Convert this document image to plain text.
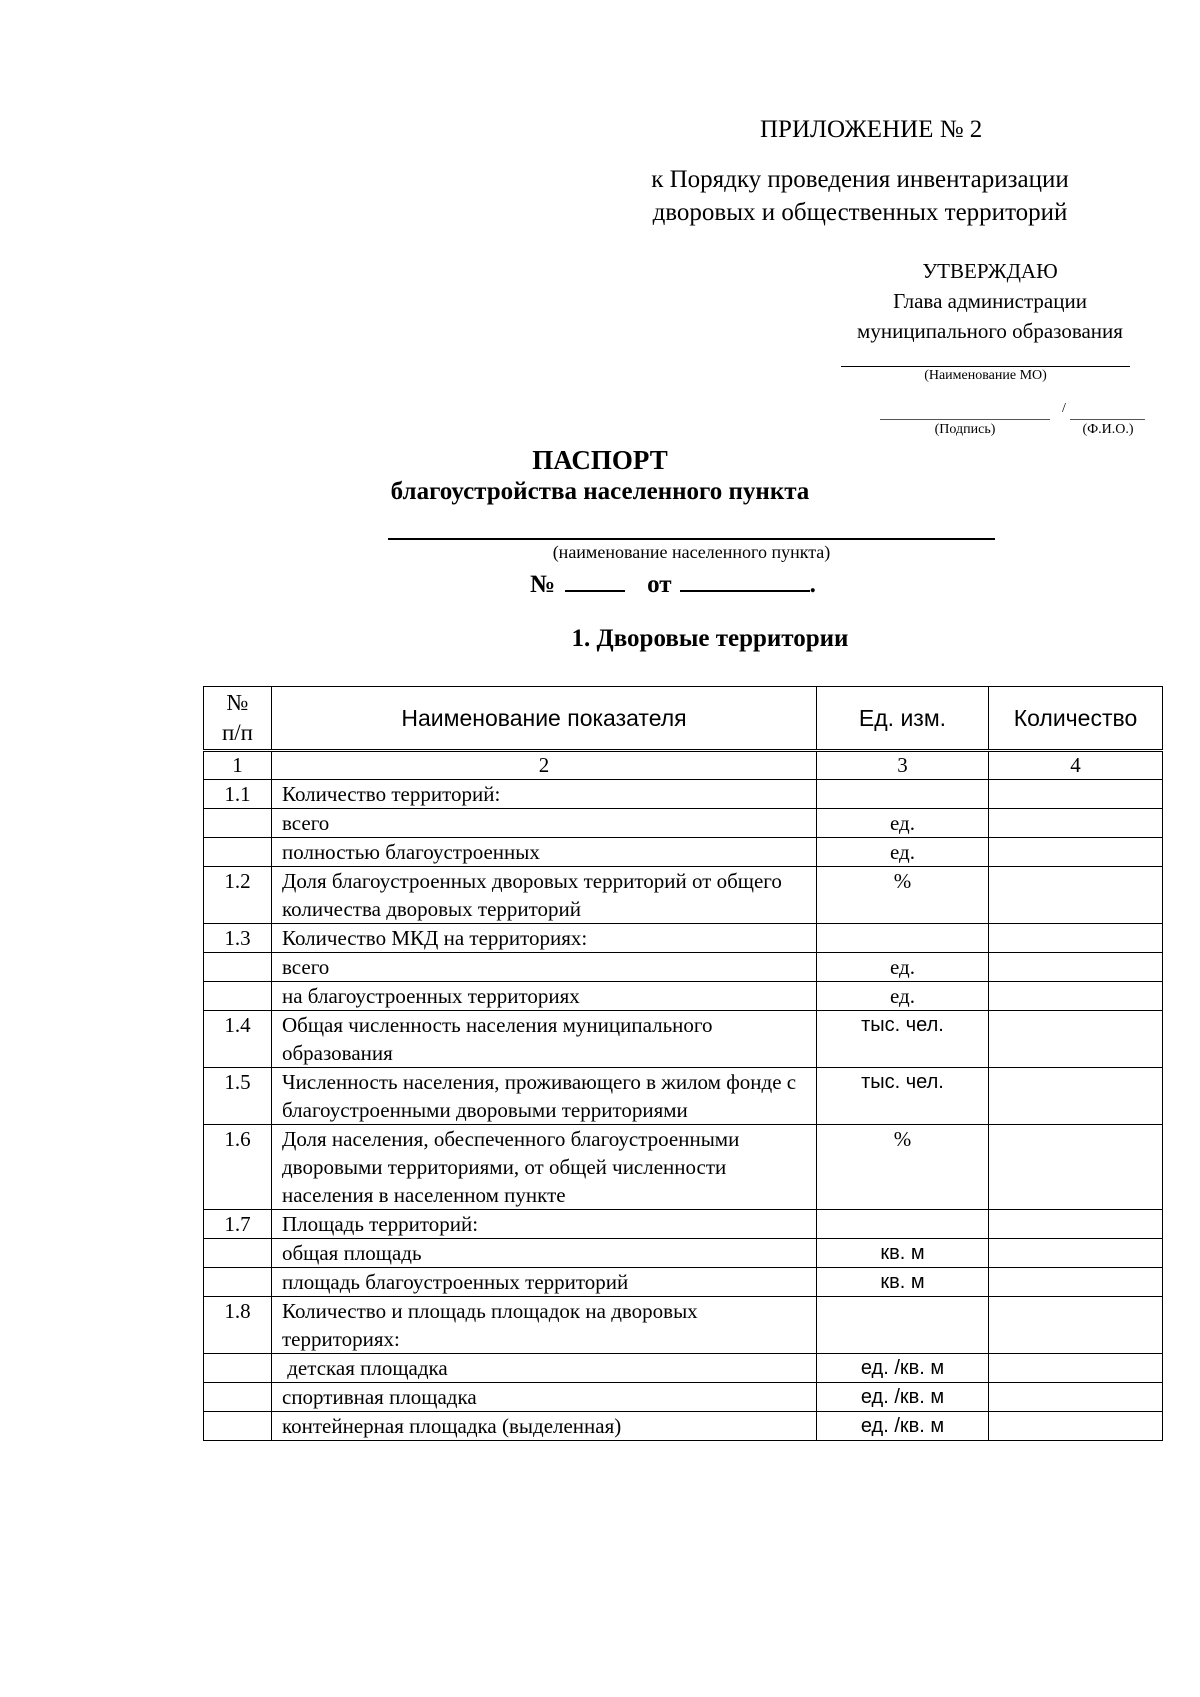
ПРИЛОЖЕНИЕ № 2
к Порядку проведения инвентаризации
дворовых и общественных территорий
УТВЕРЖДАЮ
Глава администрации
муниципального образования
(Наименование МО)
/
(Подпись)	(Ф.И.О.)
ПАСПОРТ
благоустройства населенного пункта
(наименование населенного пункта)
№	от	.
1. Дворовые территории
№
п/п	Наименование показателя	Ед. изм.	Количество
1	2	3	4
1.1	Количество территорий:		
	всего	ед.	
	полностью благоустроенных	ед.	
1.2	Доля благоустроенных дворовых территорий от общего количества дворовых территорий	%	
1.3	Количество МКД на территориях:		
	всего	ед.	
	на благоустроенных территориях	ед.	
1.4	Общая численность населения муниципального образования	тыс. чел.	
1.5	Численность населения, проживающего в жилом фонде с благоустроенными дворовыми территориями	тыс. чел.	
1.6	Доля населения, обеспеченного благоустроенными дворовыми территориями, от общей численности населения в населенном пункте	%	
1.7	Площадь территорий:		
	общая площадь	кв. м	
	площадь благоустроенных территорий	кв. м	
1.8	Количество и площадь площадок на дворовых территориях:		
	детская площадка	ед. /кв. м	
	спортивная площадка	ед. /кв. м	
	контейнерная площадка (выделенная)	ед. /кв. м	
